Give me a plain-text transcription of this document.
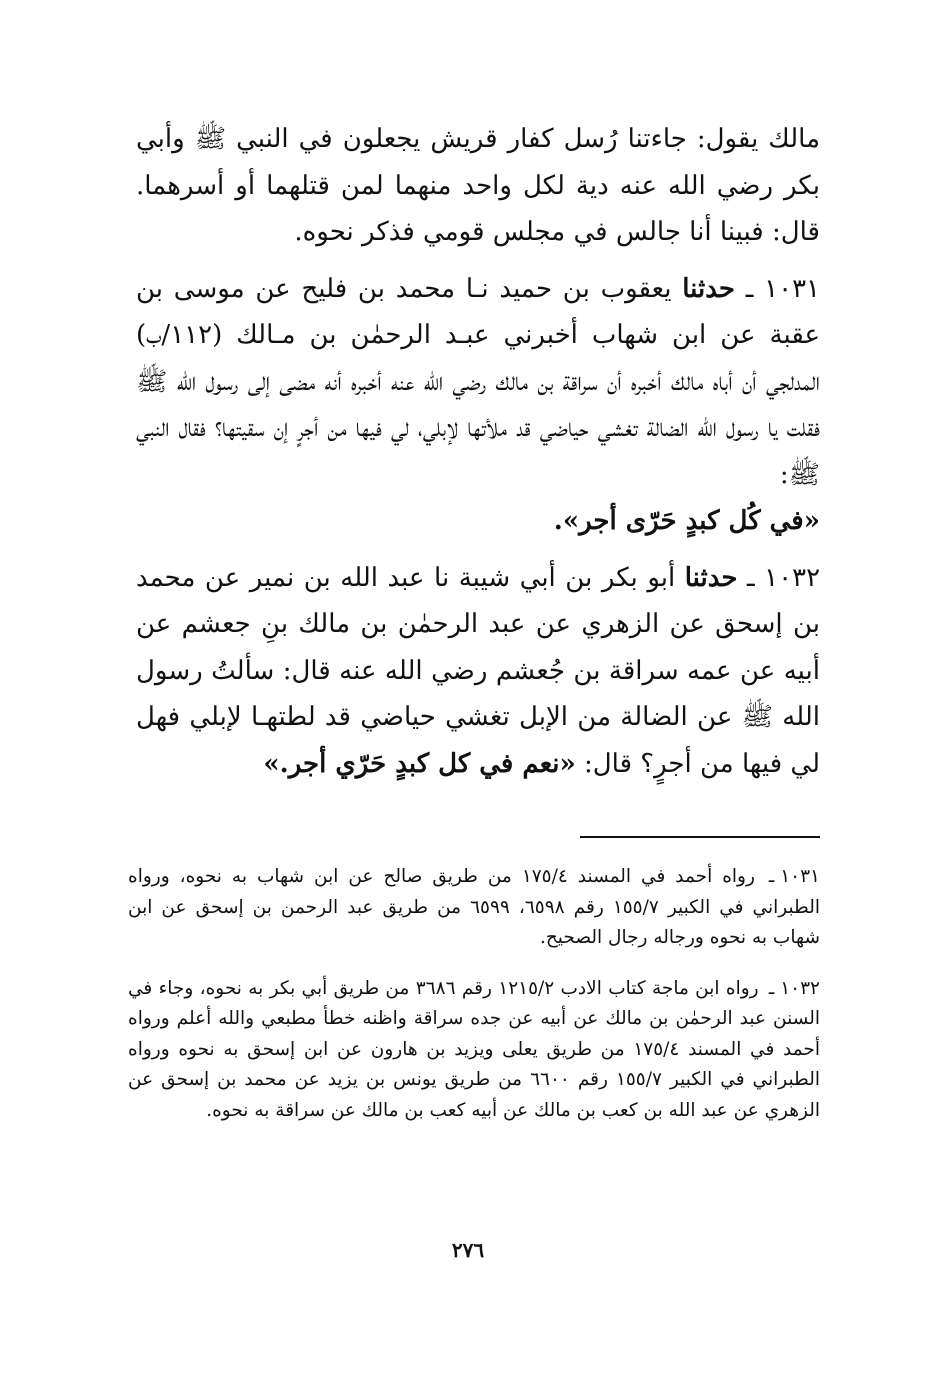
مالك يقول: جاءتنا رُسل كفار قريش يجعلون في النبي ﷺ وأبي بكر رضي الله عنه دية لكل واحد منهما لمن قتلهما أو أسرهما. قال: فبينا أنا جالس في مجلس قومي فذكر نحوه.

١٠٣١ ـ حدثنا يعقوب بن حميد نـا محمد بن فليح عن موسى بن عقبة عن ابن شهاب أخبرني عبـد الرحمٰن بن مـالك (١١٢/ب) المدلجي أن أباه مالك أخبره أن سراقة بن مالك رضي الله عنه أخبره أنه مضى إلى رسول الله ﷺ فقلت يا رسول الله الضالة تغشي حياضي قد ملأتها لإبلي، لي فيها من أجرٍ إن سقيتها؟ فقال النبي ﷺ:

«في كُل كبدٍ حَرّى أجر».

١٠٣٢ ـ حدثنا أبو بكر بن أبي شيبة نا عبد الله بن نمير عن محمد بن إسحق عن الزهري عن عبد الرحمٰن بن مالك بنِ جعشم عن أبيه عن عمه سراقة بن جُعشم رضي الله عنه قال: سألتُ رسول الله ﷺ عن الضالة من الإبل تغشي حياضي قد لطتهـا لإبلي فهل لي فيها من أجرٍ؟ قال: «نعم في كل كبدٍ حَرّي أجر.»

١٠٣١ ـ رواه أحمد في المسند ١٧٥/٤ من طريق صالح عن ابن شهاب به نحوه، ورواه الطبراني في الكبير ١٥٥/٧ رقم ٦٥٩٨، ٦٥٩٩ من طريق عبد الرحمن بن إسحق عن ابن شهاب به نحوه ورجاله رجال الصحيح.

١٠٣٢ ـ رواه ابن ماجة كتاب الادب ١٢١٥/٢ رقم ٣٦٨٦ من طريق أبي بكر به نحوه، وجاء في السنن عبد الرحمٰن بن مالك عن أبيه عن جده سراقة واظنه خطأ مطبعي والله أعلم ورواه أحمد في المسند ١٧٥/٤ من طريق يعلى ويزيد بن هارون عن ابن إسحق به نحوه ورواه الطبراني في الكبير ١٥٥/٧ رقم ٦٦٠٠ من طريق يونس بن يزيد عن محمد بن إسحق عن الزهري عن عبد الله بن كعب بن مالك عن أبيه كعب بن مالك عن سراقة به نحوه.

٢٧٦
